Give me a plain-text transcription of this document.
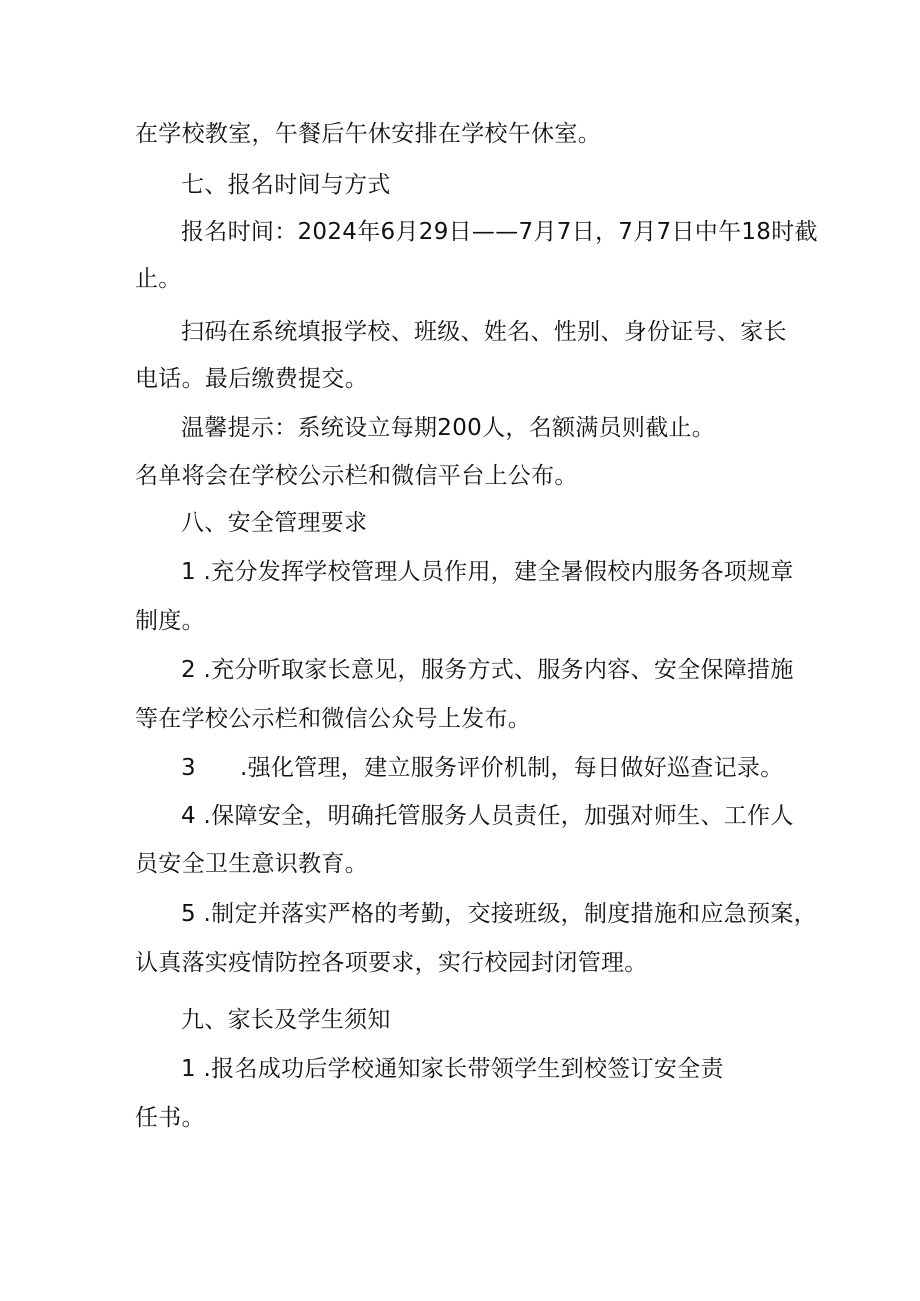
在学校教室，午餐后午休安排在学校午休室。
七、报名时间与方式
报名时间：2024年6月29日——7月7日，7月7日中午18时截
止。
扫码在系统填报学校、班级、姓名、性别、身份证号、家长
电话。最后缴费提交。
温馨提示：系统设立每期200人，名额满员则截止。
名单将会在学校公示栏和微信平台上公布。
八、安全管理要求
1 .充分发挥学校管理人员作用，建全暑假校内服务各项规章
制度。
2 .充分听取家长意见，服务方式、服务内容、安全保障措施
等在学校公示栏和微信公众号上发布。
3 .强化管理，建立服务评价机制，每日做好巡查记录。
4 .保障安全，明确托管服务人员责任，加强对师生、工作人
员安全卫生意识教育。
5 .制定并落实严格的考勤，交接班级，制度措施和应急预案，
认真落实疫情防控各项要求，实行校园封闭管理。
九、家长及学生须知
1 .报名成功后学校通知家长带领学生到校签订安全责
任书。
